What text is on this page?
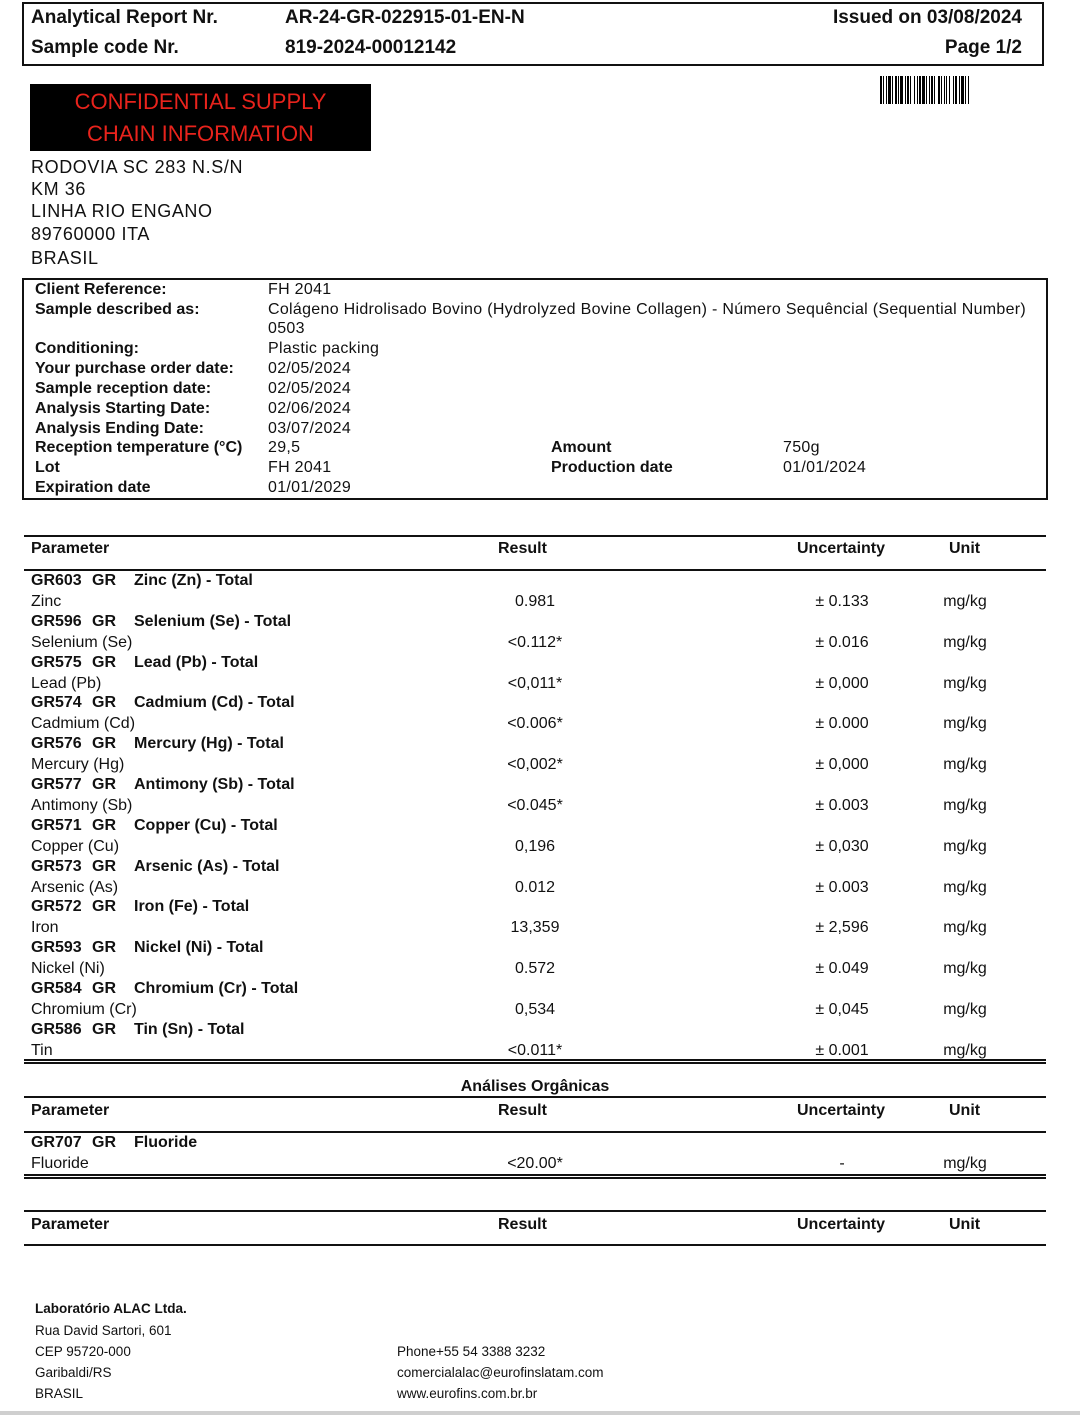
Analytical Report Nr.	AR-24-GR-022915-01-EN-N	Issued on 03/08/2024
Sample code Nr.	819-2024-00012142	Page 1/2
CONFIDENTIAL SUPPLY
CHAIN INFORMATION
RODOVIA SC 283 N.S/N
KM 36
LINHA RIO ENGANO
89760000 ITA
BRASIL
Client Reference:	FH 2041
Sample described as:	Colágeno Hidrolisado Bovino (Hydrolyzed Bovine Collagen) - Número Sequêncial (Sequential Number)
0503
Conditioning:	Plastic packing
Your purchase order date: 02/05/2024
Sample reception date:	02/05/2024
Analysis Starting Date:	02/06/2024
Analysis Ending Date:	03/07/2024
Reception temperature (°C) 29,5	Amount	750g
Lot	FH 2041	Production date	01/01/2024
Expiration date	01/01/2029
Parameter	Result	Uncertainty	Unit
GR603 GR Zinc (Zn) - Total
Zinc	0.981	± 0.133	mg/kg
GR596 GR Selenium (Se) - Total
Selenium (Se)	<0.112*	± 0.016	mg/kg
GR575 GR Lead (Pb) - Total
Lead (Pb)	<0,011*	± 0,000	mg/kg
GR574 GR Cadmium (Cd) - Total
Cadmium (Cd)	<0.006*	± 0.000	mg/kg
GR576 GR Mercury (Hg) - Total
Mercury (Hg)	<0,002*	± 0,000	mg/kg
GR577 GR Antimony (Sb) - Total
Antimony (Sb)	<0.045*	± 0.003	mg/kg
GR571 GR Copper (Cu) - Total
Copper (Cu)	0,196	± 0,030	mg/kg
GR573 GR Arsenic (As) - Total
Arsenic (As)	0.012	± 0.003	mg/kg
GR572 GR Iron (Fe) - Total
Iron	13,359	± 2,596	mg/kg
GR593 GR Nickel (Ni) - Total
Nickel (Ni)	0.572	± 0.049	mg/kg
GR584 GR Chromium (Cr) - Total
Chromium (Cr)	0,534	± 0,045	mg/kg
GR586 GR Tin (Sn) - Total
Tin	<0.011*	± 0.001	mg/kg
Análises Orgânicas
Parameter	Result	Uncertainty	Unit
GR707 GR Fluoride
Fluoride	<20.00*	-	mg/kg
Parameter	Result	Uncertainty	Unit
Laboratório ALAC Ltda.
Rua David Sartori, 601
CEP 95720-000
Garibaldi/RS
BRASIL
Phone+55 54 3388 3232
comercialalac@eurofinslatam.com
www.eurofins.com.br.br
